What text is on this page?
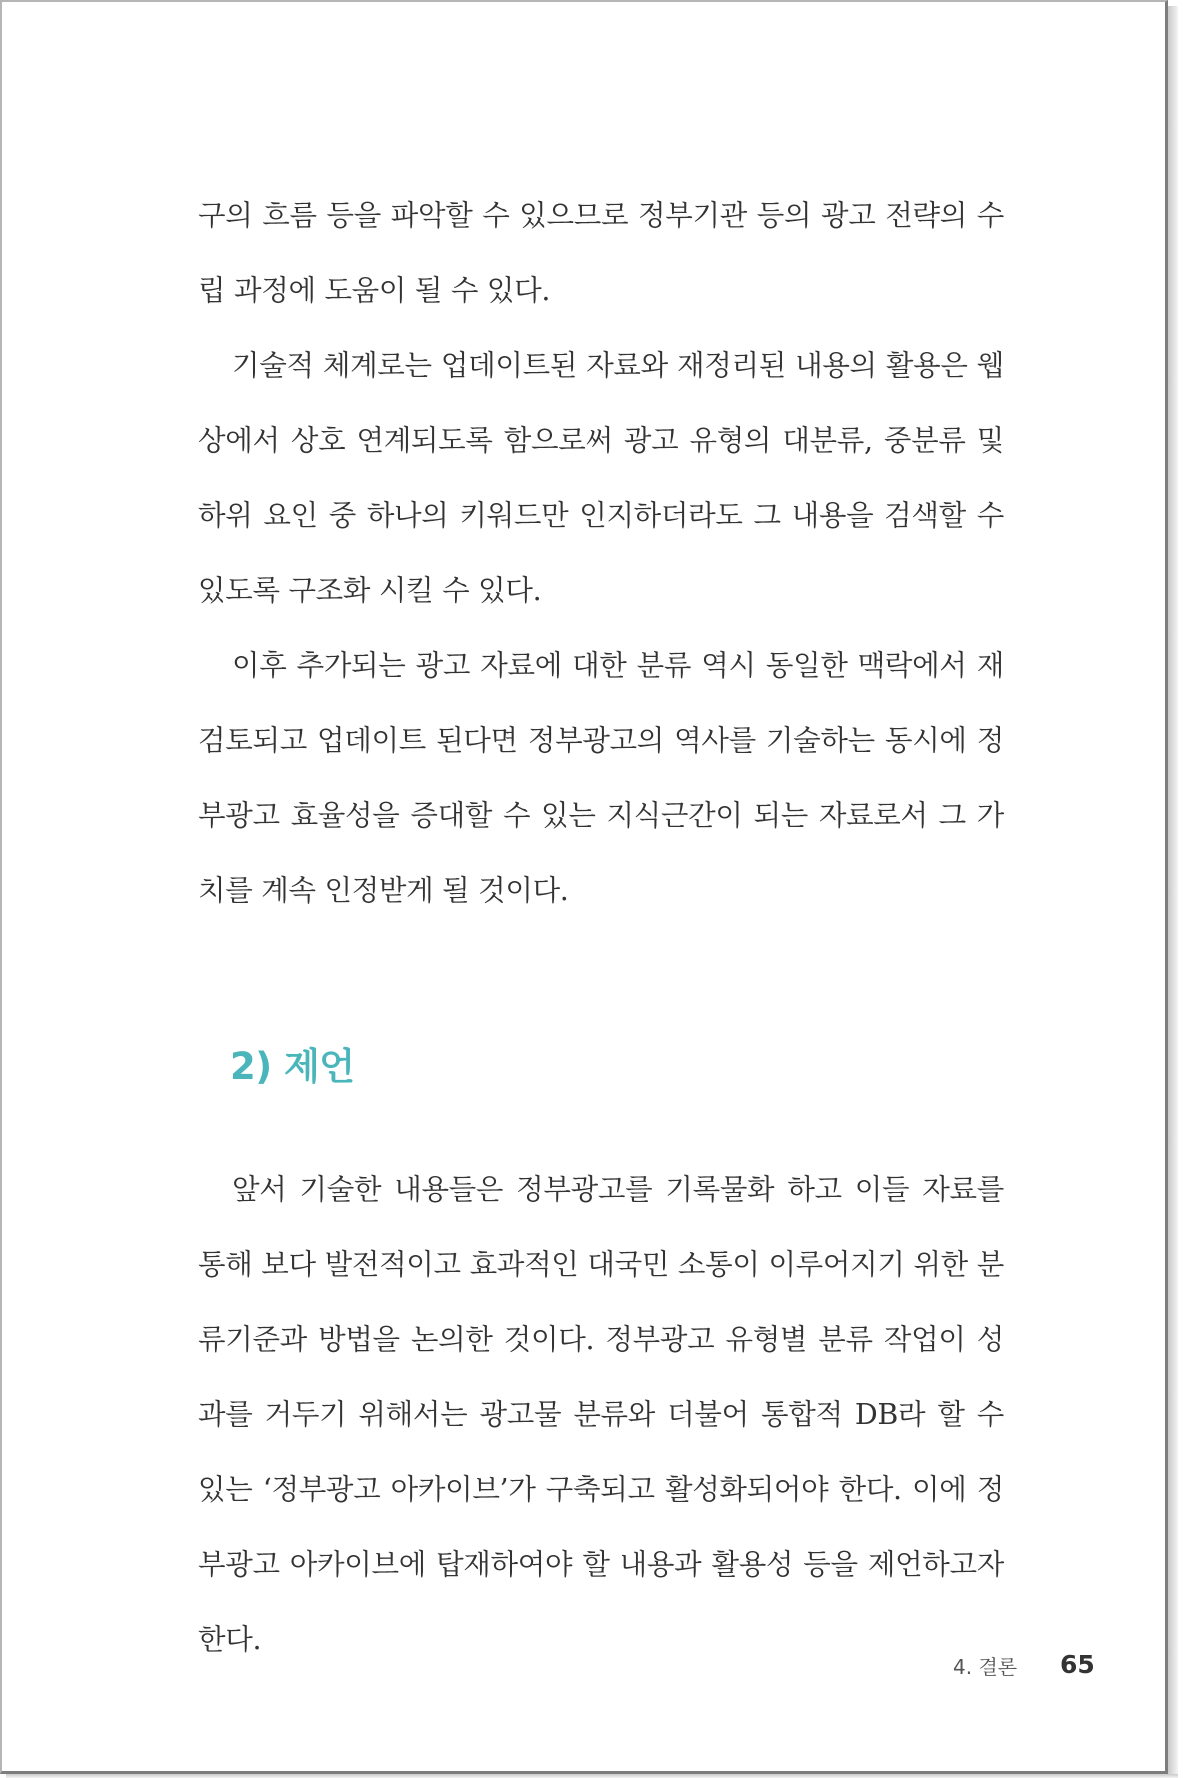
구의 흐름 등을 파악할 수 있으므로 정부기관 등의 광고 전략의 수립 과정에 도움이 될 수 있다.

기술적 체계로는 업데이트된 자료와 재정리된 내용의 활용은 웹상에서 상호 연계되도록 함으로써 광고 유형의 대분류, 중분류 및 하위 요인 중 하나의 키워드만 인지하더라도 그 내용을 검색할 수 있도록 구조화 시킬 수 있다.

이후 추가되는 광고 자료에 대한 분류 역시 동일한 맥락에서 재검토되고 업데이트 된다면 정부광고의 역사를 기술하는 동시에 정부광고 효율성을 증대할 수 있는 지식근간이 되는 자료로서 그 가치를 계속 인정받게 될 것이다.

2) 제언

앞서 기술한 내용들은 정부광고를 기록물화 하고 이들 자료를 통해 보다 발전적이고 효과적인 대국민 소통이 이루어지기 위한 분류기준과 방법을 논의한 것이다. 정부광고 유형별 분류 작업이 성과를 거두기 위해서는 광고물 분류와 더불어 통합적 DB라 할 수 있는 ‘정부광고 아카이브’가 구축되고 활성화되어야 한다. 이에 정부광고 아카이브에 탑재하여야 할 내용과 활용성 등을 제언하고자 한다.

4. 결론 65
